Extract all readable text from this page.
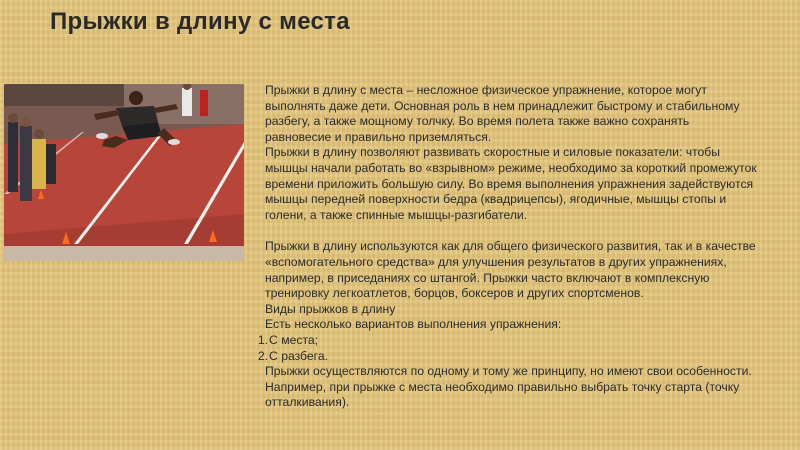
Прыжки в длину с места

Прыжки в длину с места – несложное физическое упражнение, которое могут

выполнять даже дети. Основная роль в нем принадлежит быстрому и стабильному

разбегу, а также мощному толчку. Во время полета также важно сохранять

равновесие и правильно приземляться.

Прыжки в длину позволяют развивать скоростные и силовые показатели: чтобы

мышцы начали работать во «взрывном» режиме, необходимо за короткий промежуток

времени приложить большую силу. Во время выполнения упражнения задействуются

мышцы передней поверхности бедра (квадрицепсы), ягодичные, мышцы стопы и

голени, а также спинные мышцы-разгибатели.

Прыжки в длину используются как для общего физического развития, так и в качестве

«вспомогательного средства» для улучшения результатов в других упражнениях,

например, в приседаниях со штангой. Прыжки часто включают в комплексную

тренировку легкоатлетов, борцов, боксеров и других спортсменов.

Виды прыжков в длину

Есть несколько вариантов выполнения упражнения:

1. С места;
2. С разбега.

Прыжки осуществляются по одному и тому же принципу, но имеют свои особенности.

Например, при прыжке с места необходимо правильно выбрать точку старта (точку

отталкивания).
